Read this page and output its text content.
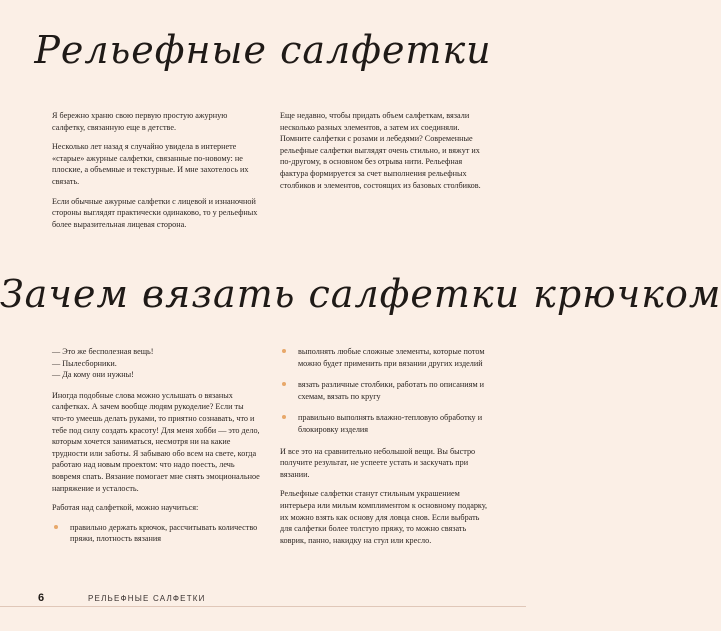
Рельефные салфетки

Я бережно храню свою первую простую ажурную салфетку, связанную еще в детстве.

Несколько лет назад я случайно увидела в интернете «старые» ажурные салфетки, связанные по-новому: не плоские, а объемные и текстурные. И мне захотелось их связать.

Если обычные ажурные салфетки с лицевой и изнаночной стороны выглядят практически одинаково, то у рельефных более выразительная лицевая сторона.

Еще недавно, чтобы придать объем салфеткам, вязали несколько разных элементов, а затем их соединяли. Помните салфетки с розами и лебедями? Современные рельефные салфетки выглядят очень стильно, и вяжут их по-другому, в основном без отрыва нити. Рельефная фактура формируется за счет выполнения рельефных столбиков и элементов, состоящих из базовых столбиков.

Зачем вязать салфетки крючком

— Это же бесполезная вещь!

— Пылесборники.

— Да кому они нужны!

Иногда подобные слова можно услышать о вязаных салфетках. А зачем вообще людям рукоделие? Если ты что-то умеешь делать руками, то приятно сознавать, что и тебе под силу создать красоту! Для меня хобби — это дело, которым хочется заниматься, несмотря ни на какие трудности или заботы. Я забываю обо всем на свете, когда работаю над новым проектом: что надо поесть, лечь вовремя спать. Вязание помогает мне снять эмоциональное напряжение и усталость.

Работая над салфеткой, можно научиться:

правильно держать крючок, рассчитывать количество пряжи, плотность вязания
выполнять любые сложные элементы, которые потом можно будет применить при вязании других изделий
вязать различные столбики, работать по описаниям и схемам, вязать по кругу
правильно выполнять влажно-тепловую обработку и блокировку изделия

И все это на сравнительно небольшой вещи. Вы быстро получите результат, не успеете устать и заскучать при вязании.

Рельефные салфетки станут стильным украшением интерьера или милым комплиментом к основному подарку, их можно взять как основу для ловца снов. Если выбрать для салфетки более толстую пряжу, то можно связать коврик, панно, накидку на стул или кресло.

6	РЕЛЬЕФНЫЕ САЛФЕТКИ
